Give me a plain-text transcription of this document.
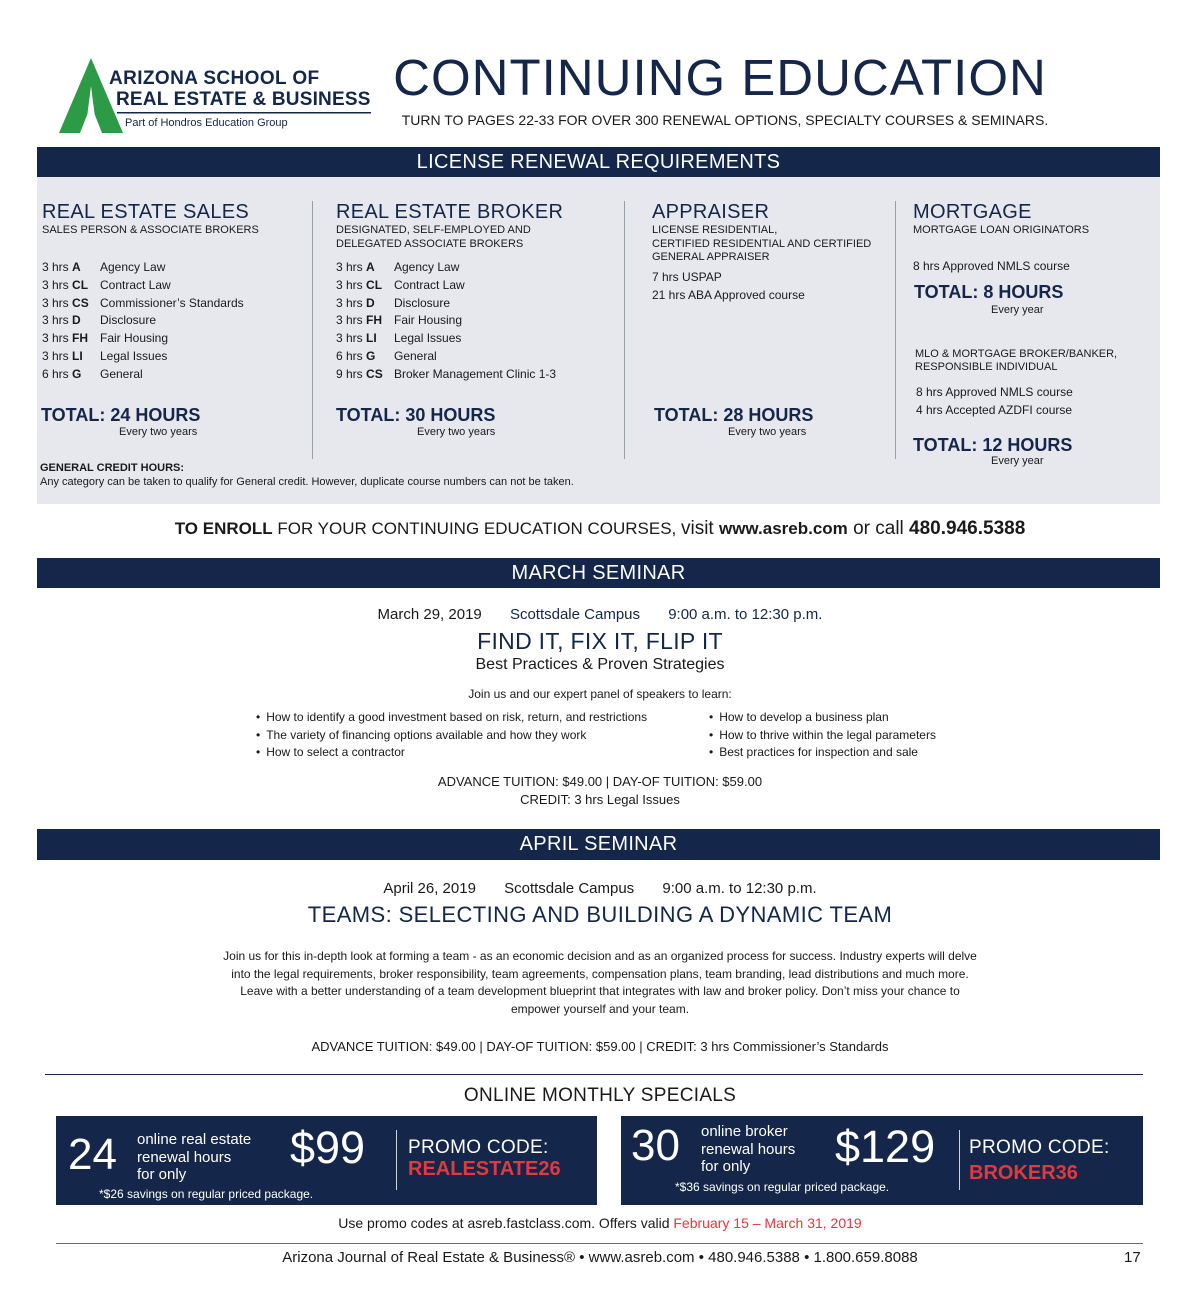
ARIZONA SCHOOL OF
REAL ESTATE & BUSINESS
Part of Hondros Education Group
CONTINUING EDUCATION
TURN TO PAGES 22-33 FOR OVER 300 RENEWAL OPTIONS, SPECIALTY COURSES & SEMINARS.
LICENSE RENEWAL REQUIREMENTS
REAL ESTATE SALES
SALES PERSON & ASSOCIATE BROKERS
3 hrs A Agency Law
3 hrs CL Contract Law
3 hrs CS Commissioner’s Standards
3 hrs D Disclosure
3 hrs FH Fair Housing
3 hrs LI Legal Issues
6 hrs G General
TOTAL: 24 HOURS
Every two years
REAL ESTATE BROKER
DESIGNATED, SELF-EMPLOYED AND
DELEGATED ASSOCIATE BROKERS
3 hrs A Agency Law
3 hrs CL Contract Law
3 hrs D Disclosure
3 hrs FH Fair Housing
3 hrs LI Legal Issues
6 hrs G General
9 hrs CS Broker Management Clinic 1-3
TOTAL: 30 HOURS
Every two years
APPRAISER
LICENSE RESIDENTIAL,
CERTIFIED RESIDENTIAL AND CERTIFIED
GENERAL APPRAISER
7 hrs USPAP
21 hrs ABA Approved course
TOTAL: 28 HOURS
Every two years
MORTGAGE
MORTGAGE LOAN ORIGINATORS
8 hrs Approved NMLS course
TOTAL: 8 HOURS
Every year
MLO & MORTGAGE BROKER/BANKER,
RESPONSIBLE INDIVIDUAL
8 hrs Approved NMLS course
4 hrs Accepted AZDFI course
TOTAL: 12 HOURS
Every year
GENERAL CREDIT HOURS:
Any category can be taken to qualify for General credit. However, duplicate course numbers can not be taken.
TO ENROLL FOR YOUR CONTINUING EDUCATION COURSES, visit www.asreb.com or call 480.946.5388
MARCH SEMINAR
March 29, 2019 Scottsdale Campus 9:00 a.m. to 12:30 p.m.
FIND IT, FIX IT, FLIP IT
Best Practices & Proven Strategies
Join us and our expert panel of speakers to learn:
• How to identify a good investment based on risk, return, and restrictions
• The variety of financing options available and how they work
• How to select a contractor
• How to develop a business plan
• How to thrive within the legal parameters
• Best practices for inspection and sale
ADVANCE TUITION: $49.00 | DAY-OF TUITION: $59.00
CREDIT: 3 hrs Legal Issues
APRIL SEMINAR
April 26, 2019 Scottsdale Campus 9:00 a.m. to 12:30 p.m.
TEAMS: SELECTING AND BUILDING A DYNAMIC TEAM
Join us for this in-depth look at forming a team - as an economic decision and as an organized process for success. Industry experts will delve into the legal requirements, broker responsibility, team agreements, compensation plans, team branding, lead distributions and much more. Leave with a better understanding of a team development blueprint that integrates with law and broker policy. Don’t miss your chance to empower yourself and your team.
ADVANCE TUITION: $49.00 | DAY-OF TUITION: $59.00 | CREDIT: 3 hrs Commissioner’s Standards
ONLINE MONTHLY SPECIALS
24 online real estate
renewal hours
for only
$99 PROMO CODE:
REALESTATE26
*$26 savings on regular priced package.
30 online broker
renewal hours
for only	$129 PROMO CODE:
BROKER36
*$36 savings on regular priced package.
Use promo codes at asreb.fastclass.com. Offers valid February 15 – March 31, 2019
Arizona Journal of Real Estate & Business® • www.asreb.com • 480.946.5388 • 1.800.659.8088	17
